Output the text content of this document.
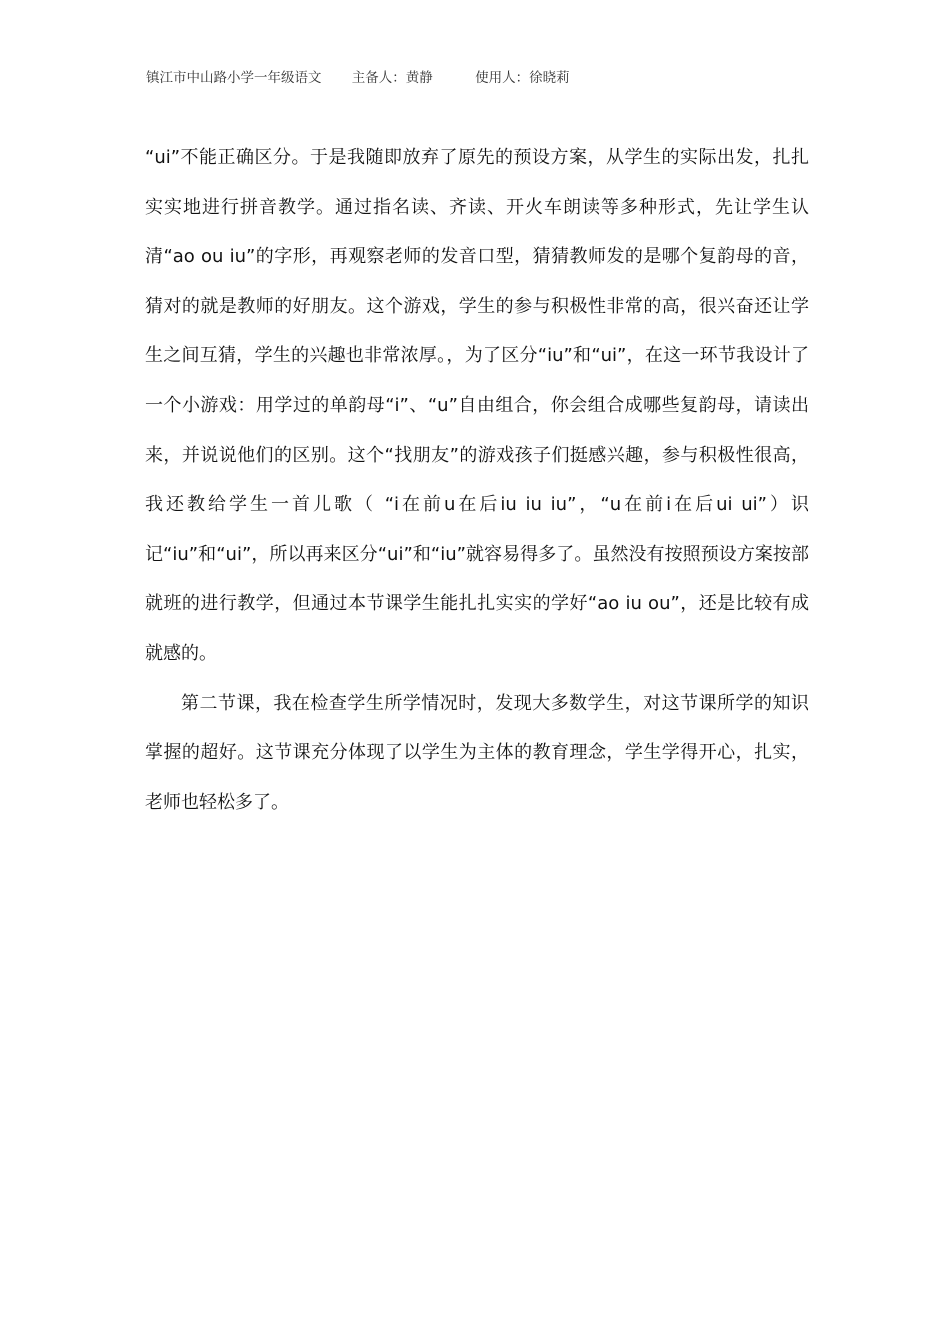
镇江市中山路小学一年级语文 主备人：黄静	使用人：徐晓莉

“ui”不能正确区分。于是我随即放弃了原先的预设方案，从学生的实际出发，扎扎实实地进行拼音教学。通过指名读、齐读、开火车朗读等多种形式，先让学生认清“ao ou iu”的字形，再观察老师的发音口型，猜猜教师发的是哪个复韵母的音，猜对的就是教师的好朋友。这个游戏，学生的参与积极性非常的高，很兴奋还让学生之间互猜，学生的兴趣也非常浓厚。，为了区分“iu”和“ui”，在这一环节我设计了一个小游戏：用学过的单韵母“i”、“u”自由组合，你会组合成哪些复韵母，请读出来，并说说他们的区别。这个“找朋友”的游戏孩子们挺感兴趣，参与积极性很高，我还教给学生一首儿歌（ “i在前u在后iu iu iu”，“u在前i在后ui ui”）识记“iu”和“ui”，所以再来区分“ui”和“iu”就容易得多了。虽然没有按照预设方案按部就班的进行教学，但通过本节课学生能扎扎实实的学好“ao iu ou”，还是比较有成就感的。

第二节课，我在检查学生所学情况时，发现大多数学生，对这节课所学的知识掌握的超好。这节课充分体现了以学生为主体的教育理念，学生学得开心，扎实，老师也轻松多了。
